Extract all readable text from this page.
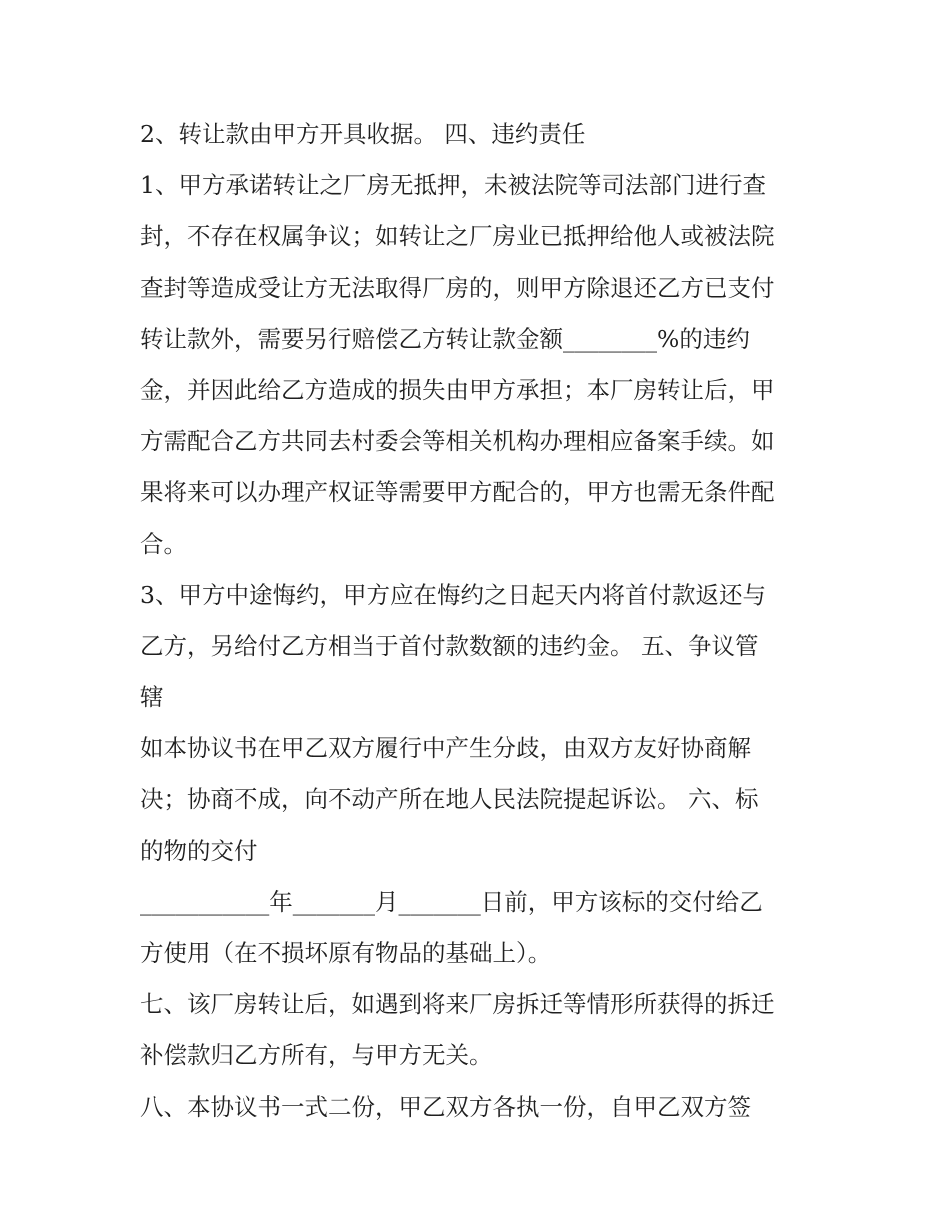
2、转让款由甲方开具收据。 四、违约责任
1、甲方承诺转让之厂房无抵押，未被法院等司法部门进行查
封，不存在权属争议；如转让之厂房业已抵押给他人或被法院
查封等造成受让方无法取得厂房的，则甲方除退还乙方已支付
转让款外，需要另行赔偿乙方转让款金额________%的违约
金，并因此给乙方造成的损失由甲方承担；本厂房转让后，甲
方需配合乙方共同去村委会等相关机构办理相应备案手续。如
果将来可以办理产权证等需要甲方配合的，甲方也需无条件配
合。
3、甲方中途悔约，甲方应在悔约之日起天内将首付款返还与
乙方，另给付乙方相当于首付款数额的违约金。 五、争议管
辖
如本协议书在甲乙双方履行中产生分歧，由双方友好协商解
决；协商不成，向不动产所在地人民法院提起诉讼。 六、标
的物的交付
___________年_______月_______日前，甲方该标的交付给乙
方使用（在不损坏原有物品的基础上）。
七、该厂房转让后，如遇到将来厂房拆迁等情形所获得的拆迁
补偿款归乙方所有，与甲方无关。
八、本协议书一式二份，甲乙双方各执一份，自甲乙双方签
